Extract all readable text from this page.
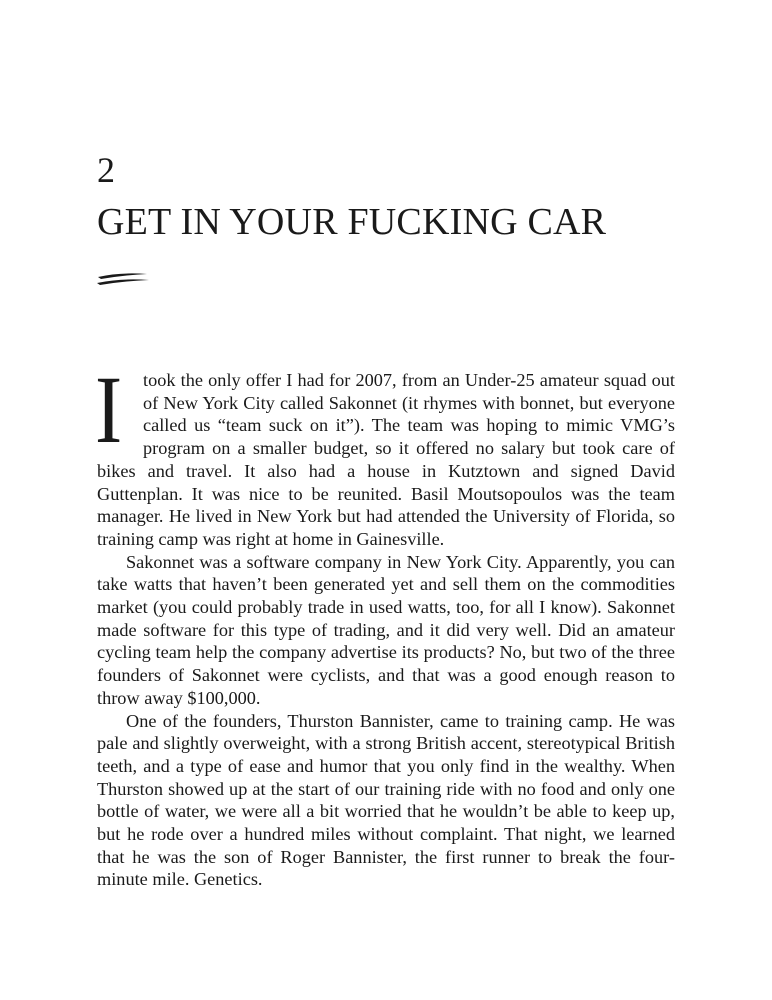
2
GET IN YOUR FUCKING CAR

I took the only offer I had for 2007, from an Under-25 amateur squad out of New York City called Sakonnet (it rhymes with bonnet, but everyone called us “team suck on it”). The team was hoping to mimic VMG’s program on a smaller budget, so it offered no salary but took care of bikes and travel. It also had a house in Kutztown and signed David Guttenplan. It was nice to be reunited. Basil Moutsopoulos was the team manager. He lived in New York but had attended the University of Florida, so training camp was right at home in Gainesville.

Sakonnet was a software company in New York City. Apparently, you can take watts that haven’t been generated yet and sell them on the commodities market (you could probably trade in used watts, too, for all I know). Sakonnet made software for this type of trading, and it did very well. Did an amateur cycling team help the company advertise its products? No, but two of the three founders of Sakonnet were cyclists, and that was a good enough reason to throw away $100,000.

One of the founders, Thurston Bannister, came to training camp. He was pale and slightly overweight, with a strong British accent, stereotypical British teeth, and a type of ease and humor that you only find in the wealthy. When Thurston showed up at the start of our training ride with no food and only one bottle of water, we were all a bit worried that he wouldn’t be able to keep up, but he rode over a hundred miles without complaint. That night, we learned that he was the son of Roger Bannister, the first runner to break the four-minute mile. Genetics.
